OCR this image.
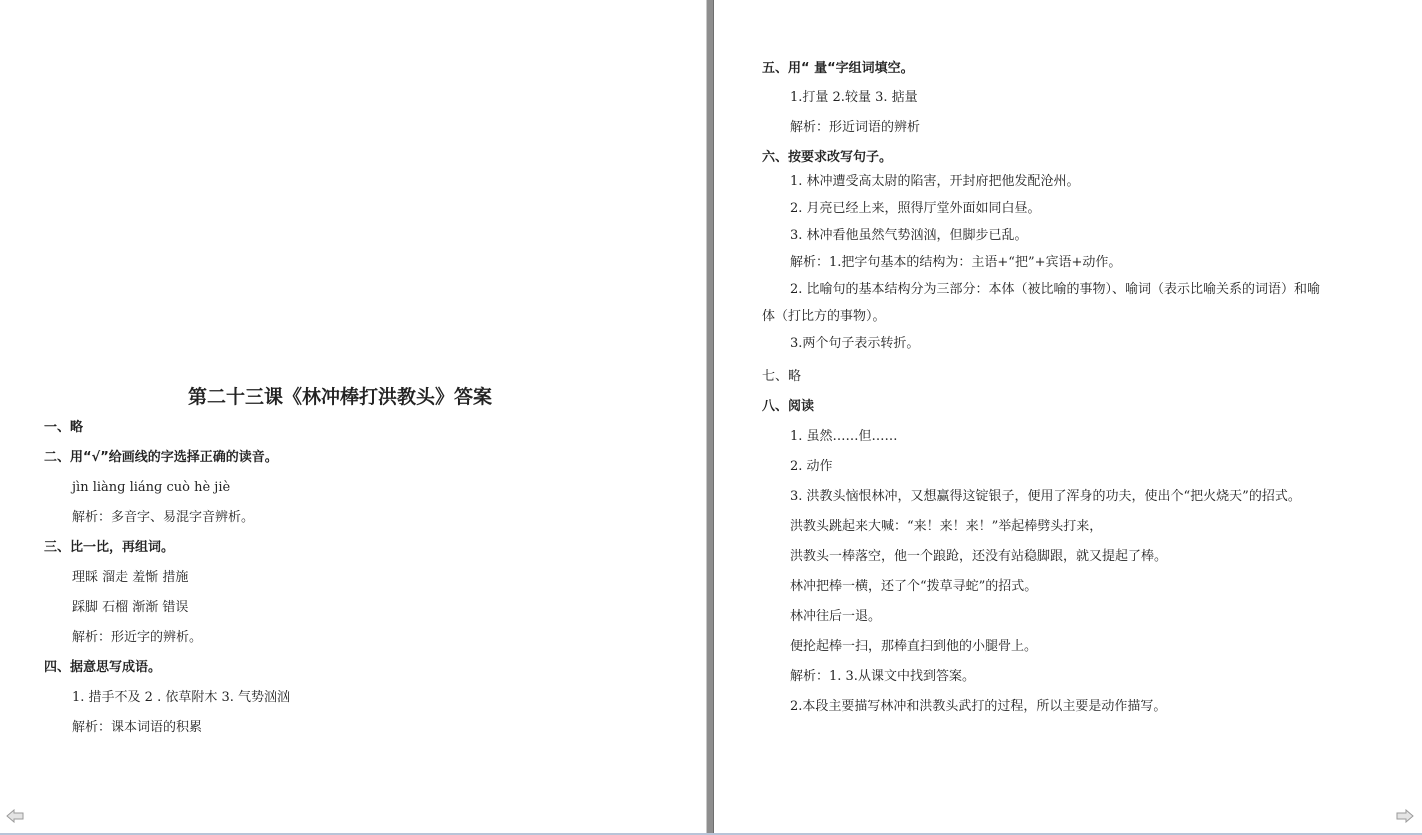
第二十三课《林冲棒打洪教头》答案
一、略
二、用“√”给画线的字选择正确的读音。
jìn liànɡ liánɡ cuò hè jiè
解析：多音字、易混字音辨析。
三、比一比，再组词。
理睬 溜走 羞惭 措施
踩脚 石榴 渐渐 错误
解析：形近字的辨析。
四、据意思写成语。
1. 措手不及 2 . 依草附木 3. 气势汹汹
解析：课本词语的积累
五、用“ 量“字组词填空。
1.打量 2.较量 3. 掂量
解析：形近词语的辨析
六、按要求改写句子。
1. 林冲遭受高太尉的陷害，开封府把他发配沧州。
2. 月亮已经上来，照得厅堂外面如同白昼。
3. 林冲看他虽然气势汹汹，但脚步已乱。
解析：1.把字句基本的结构为：主语+“把”+宾语+动作。
2. 比喻句的基本结构分为三部分：本体（被比喻的事物）、喻词（表示比喻关系的词语）和喻
体（打比方的事物）。
3.两个句子表示转折。
七、略
八、阅读
1. 虽然……但……
2. 动作
3. 洪教头恼恨林冲，又想赢得这锭银子，便用了浑身的功夫，使出个“把火烧天”的招式。
洪教头跳起来大喊：“来！来！来！”举起棒劈头打来，
洪教头一棒落空，他一个踉跄，还没有站稳脚跟，就又提起了棒。
林冲把棒一横，还了个“拨草寻蛇”的招式。
林冲往后一退。
便抡起棒一扫，那棒直扫到他的小腿骨上。
解析：1. 3.从课文中找到答案。
2.本段主要描写林冲和洪教头武打的过程，所以主要是动作描写。
